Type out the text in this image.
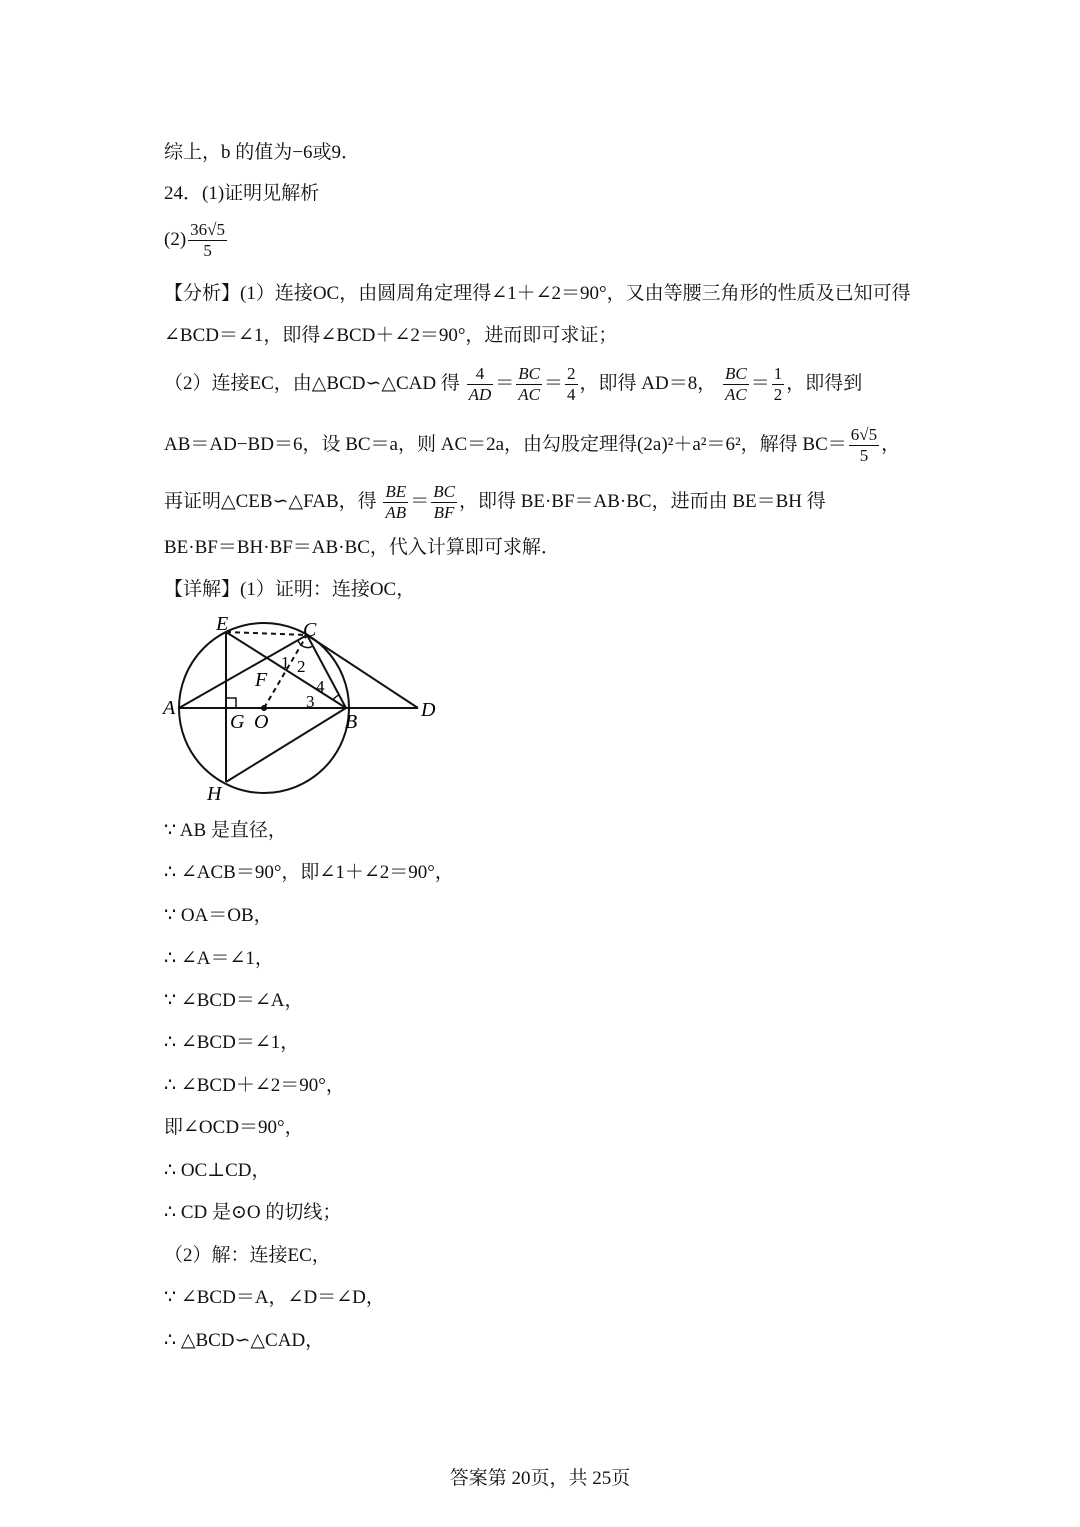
综上，b 的值为−6或9．
24．(1)证明见解析
$(2) \frac{36√5}{5}$
【分析】(1）连接OC，由圆周角定理得∠1＋∠2＝90°，又由等腰三角形的性质及已知可得
∠BCD＝∠1，即得∠BCD＋∠2＝90°，进而即可求证；
（2）连接EC，由△BCD∽△CAD 得 $\frac{4}{AD} = \frac{BC}{AC} = \frac{2}{4}$ ，即得 AD＝8， $\frac{BC}{AC} = \frac{1}{2}$ ，即得到
AB＝AD−BD＝6，设 BC＝a，则 AC＝2a，由勾股定理得(2a)²＋a²＝6²，解得 $BC= \frac{6√5}{5}$ ，
再证明△CEB∽△FAB，得 $\frac{BE}{AB} = \frac{BC}{BF}$ ，即得 BE·BF＝AB·BC，进而由 BE＝BH 得
BE·BF＝BH·BF＝AB·BC，代入计算即可求解．
【详解】(1）证明：连接OC，
E	C
A
G O	B
D
H
F
1 2
3
4
∵ AB 是直径，
∴ ∠ACB＝90°，即∠1＋∠2＝90°，
∵ OA＝OB，
∴ ∠A＝∠1，
∵ ∠BCD＝∠A，
∴ ∠BCD＝∠1，
∴ ∠BCD＋∠2＝90°，
即∠OCD＝90°，
∴ OC⊥CD，
∴ CD 是⊙O 的切线；
（2）解：连接EC，
∵ ∠BCD＝A，∠D＝∠D，
∴ △BCD∽△CAD，
答案第 20页，共 25页
